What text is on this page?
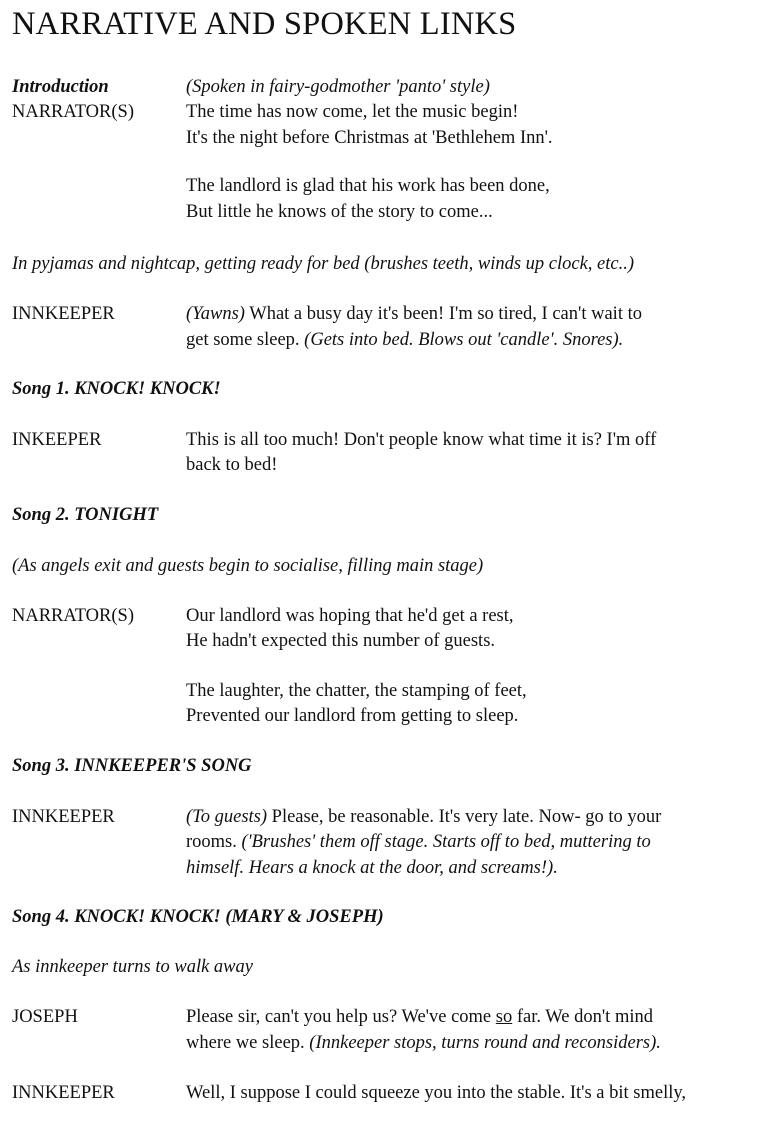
NARRATIVE AND SPOKEN LINKS
Introduction	(Spoken in fairy-godmother 'panto' style)
NARRATOR(S)	The time has now come, let the music begin!
It's the night before Christmas at 'Bethlehem Inn'.
The landlord is glad that his work has been done,
But little he knows of the story to come...
In pyjamas and nightcap, getting ready for bed (brushes teeth, winds up clock, etc..)
INNKEEPER	(Yawns) What a busy day it's been! I'm so tired, I can't wait to
get some sleep. (Gets into bed. Blows out 'candle'. Snores).
Song 1. KNOCK! KNOCK!
INKEEPER	This is all too much! Don't people know what time it is? I'm off
back to bed!
Song 2. TONIGHT
(As angels exit and guests begin to socialise, filling main stage)
NARRATOR(S)	Our landlord was hoping that he'd get a rest,
He hadn't expected this number of guests.
The laughter, the chatter, the stamping of feet,
Prevented our landlord from getting to sleep.
Song 3. INNKEEPER'S SONG
INNKEEPER	(To guests) Please, be reasonable. It's very late. Now- go to your
rooms. ('Brushes' them off stage. Starts off to bed, muttering to
himself. Hears a knock at the door, and screams!).
Song 4. KNOCK! KNOCK! (MARY & JOSEPH)
As innkeeper turns to walk away
JOSEPH	Please sir, can't you help us? We've come so far. We don't mind
where we sleep. (Innkeeper stops, turns round and reconsiders).
INNKEEPER	Well, I suppose I could squeeze you into the stable. It's a bit smelly,
